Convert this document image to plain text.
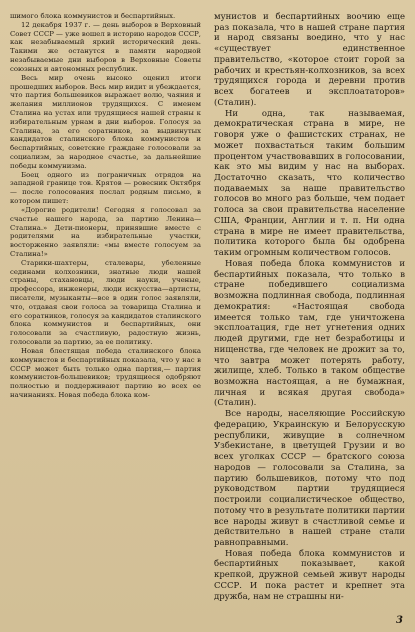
шимого блока коммунистов и беспартийных.

12 декабря 1937 г. — день выборов в Верховный Совет СССР — уже вошел в историю народов СССР, как незабываемый яркий исторический день. Такими же останутся в памяти народной незабываемые дни выборов в Верховные Советы союзных и автономных республик.

Весь мир очень высоко оценил итоги прошедших выборов. Весь мир видит и убеждается, что партия большевиков выражает волю, чаяния и желания миллионов трудящихся. С именем Сталина на устах или трудящиеся нашей страны к избирательным урнам в дни выборов. Голосуя за Сталина, за его соратников, за выдвинутых кандидатов сталинского блока коммунистов и беспартийных, советские граждане голосовали за социализм, за народное счастье, за дальнейшие победы коммунизма.

Боец одного из пограничных отрядов на западной границе тов. Крятов — ровесник Октября — после голосования послал родным письмо, в котором пишет:

«Дорогие родители! Сегодня я голосовал за счастье нашего народа, за партию Ленина—Сталина.» Дети-пионеры, принявшие вместе с родителями на избирательные участки, восторженно заявляли: «мы вместе голосуем за Сталина!»

Старики-шахтеры, сталевары, убеленные сединами колхозники, знатные люди нашей страны, стахановцы, люди науки, ученые, профессора, инженеры, люди искусства—артисты, писатели, музыканты—все в один голос заявляли, что, отдавая свои голоса за товарища Сталина и его соратников, голосуя за кандидатов сталинского блока коммунистов и беспартийных, они голосовали за счастливую, радостную жизнь, голосовали за партию, за ее политику.

Новая блестящая победа сталинского блока коммунистов и беспартийных показала, что у нас в СССР может быть только одна партия,— партия коммунистов-большевиков; трудящиеся одобряют полностью и поддерживают партию во всех ее начинаниях. Новая победа блока ком-

мунистов и беспартийных воочию еще раз показала, что в нашей стране партия и народ связаны воедино, что у нас «существует единственное правительство, «которое стоит горой за рабочих и крестьян-колхозников, за всех трудящихся города и деревни против всех богатеев и эксплоататоров» (Сталин).

Ни одна, так называемая, демократическая страна в мире, не говоря уже о фашистских странах, не может похвастаться таким большим процентом участвовавших в голосовании, как это мы видим у нас на выборах. Достаточно сказать, что количество подаваемых за наше правительство голосов во много раз больше, чем подает голоса за свои правительства население США, Франции, Англии и т. п. Ни одна страна в мире не имеет правительства, политика которого была бы одобрена таким огромным количеством голосов.

Новая победа блока коммунистов и беспартийных показала, что только в стране победившего социализма возможна подлинная свобода, подлинная демократия: «Настоящая свобода имеется только там, где уничтожена эксплоатация, где нет угнетения одних людей другими, где нет безработицы и нищенства, где человек не дрожит за то, что завтра может потерять работу, жилище, хлеб. Только в таком обществе возможна настоящая, а не бумажная, личная и всякая другая свобода» (Сталин).

Все народы, населяющие Российскую федерацию, Украинскую и Белорусскую республики, живущие в солнечном Узбекистане, в цветущей Грузии и во всех уголках СССР — братского союза народов — голосовали за Сталина, за партию большевиков, потому что под руководством партии трудящиеся построили социалистическое общество, потому что в результате политики партии все народы живут в счастливой семье и действительно в нашей стране стали равноправными.

Новая победа блока коммунистов и беспартийных показывает, какой крепкой, дружной семьей живут народы СССР. И пока растет и крепнет эта дружба, нам не страшны ни-

3
